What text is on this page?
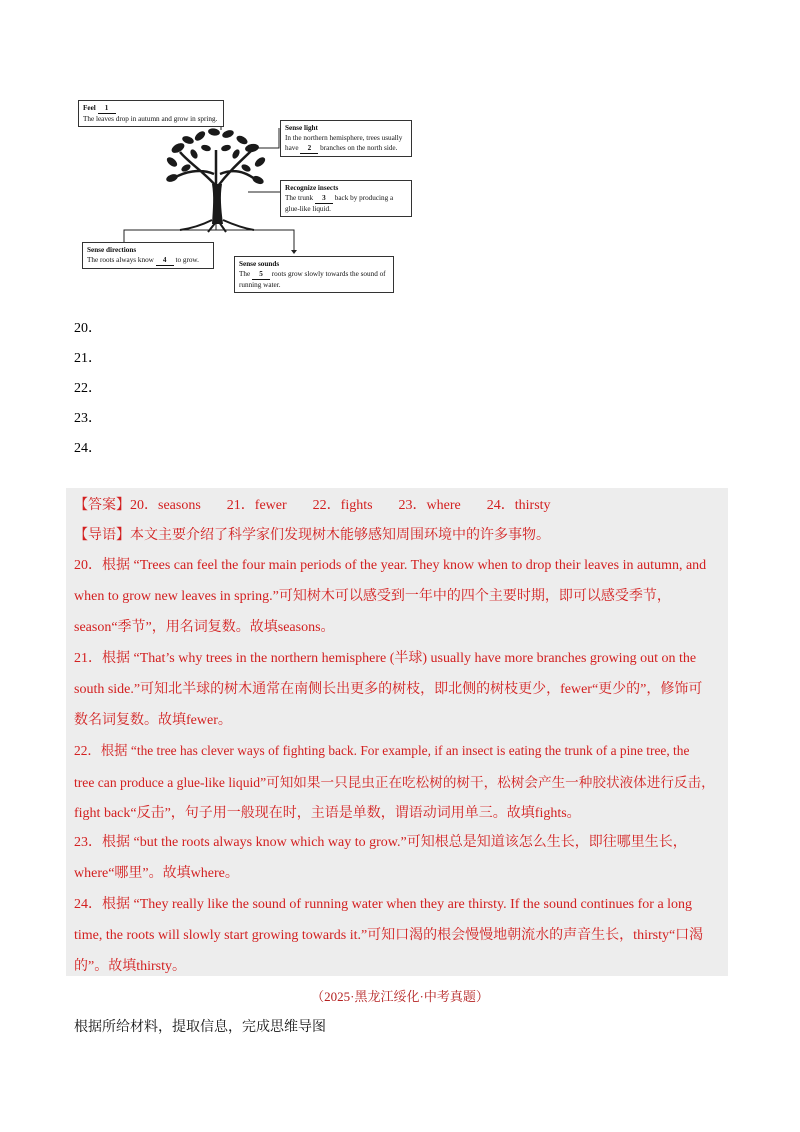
Feel 1
The leaves drop in autumn and grow in spring.
Sense light
In the northern hemisphere, trees usually
have 2 branches on the north side.
Recognize insects
The trunk 3 back by producing a
glue-like liquid.
Sense directions
The roots always know 4 to grow.	Sense sounds
The 5 roots grow slowly towards the sound of
running water.
20．
21．
22．
23．
24．
【答案】20．seasons 21．fewer 22．fights 23．where 24．thirsty
【导语】本文主要介绍了科学家们发现树木能够感知周围环境中的许多事物。
20．根据 “Trees can feel the four main periods of the year. They know when to drop their leaves in autumn, and
when to grow new leaves in spring.”可知树木可以感受到一年中的四个主要时期，即可以感受季节，
season“季节”，用名词复数。故填seasons。
21．根据 “That’s why trees in the northern hemisphere (半球) usually have more branches growing out on the
south side.”可知北半球的树木通常在南侧长出更多的树枝，即北侧的树枝更少，fewer“更少的”，修饰可
数名词复数。故填fewer。
22．根据 “the tree has clever ways of fighting back. For example, if an insect is eating the trunk of a pine tree, the
tree can produce a glue-like liquid”可知如果一只昆虫正在吃松树的树干，松树会产生一种胶状液体进行反击，
fight back“反击”，句子用一般现在时，主语是单数，谓语动词用单三。故填fights。
23．根据 “but the roots always know which way to grow.”可知根总是知道该怎么生长，即往哪里生长，
where“哪里”。故填where。
24．根据 “They really like the sound of running water when they are thirsty. If the sound continues for a long
time, the roots will slowly start growing towards it.”可知口渴的根会慢慢地朝流水的声音生长，thirsty“口渴
的”。故填thirsty。
（2025·黑龙江绥化·中考真题）
根据所给材料，提取信息，完成思维导图
